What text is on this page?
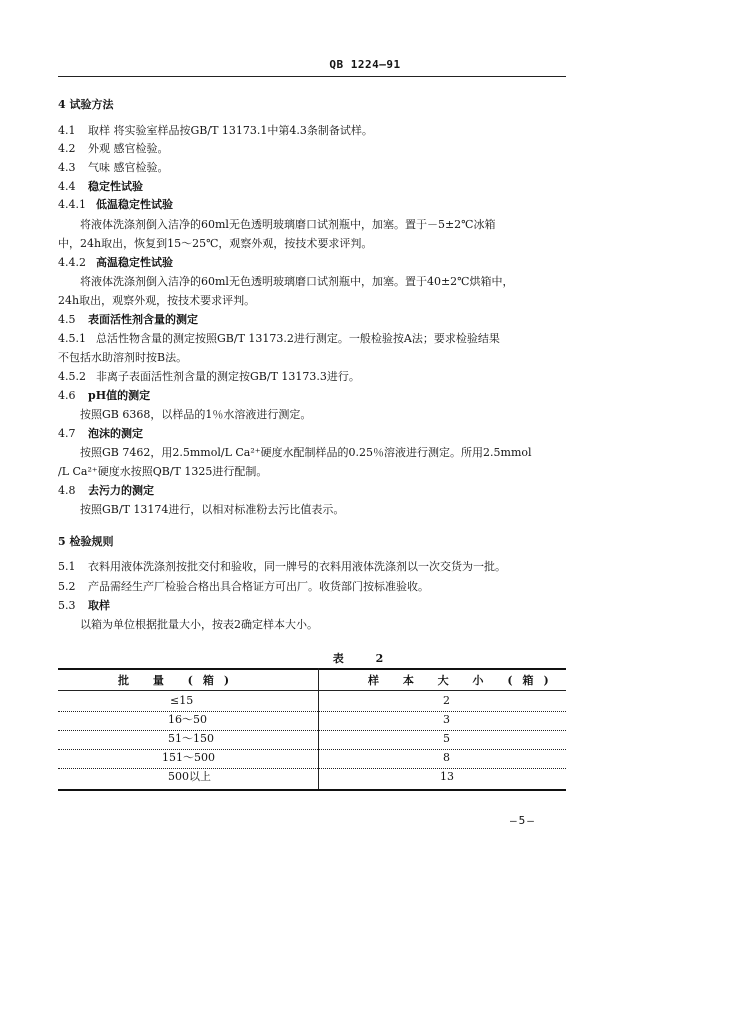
QB 1224—91
4 试验方法
4.1 取样 将实验室样品按GB/T 13173.1中第4.3条制备试样。
4.2 外观 感官检验。
4.3 气味 感官检验。
4.4 稳定性试验
4.4.1 低温稳定性试验
将液体洗涤剂倒入洁净的60ml无色透明玻璃磨口试剂瓶中，加塞。置于－5±2℃冰箱
中，24h取出，恢复到15～25℃，观察外观，按技术要求评判。
4.4.2 高温稳定性试验
将液体洗涤剂倒入洁净的60ml无色透明玻璃磨口试剂瓶中，加塞。置于40±2℃烘箱中，
24h取出，观察外观，按技术要求评判。
4.5 表面活性剂含量的测定
4.5.1 总活性物含量的测定按照GB/T 13173.2进行测定。一般检验按A法；要求检验结果
不包括水助溶剂时按B法。
4.5.2 非离子表面活性剂含量的测定按GB/T 13173.3进行。
4.6 pH值的测定
按照GB 6368，以样品的1％水溶液进行测定。
4.7 泡沫的测定
按照GB 7462，用2.5mmol/L Ca²⁺硬度水配制样品的0.25％溶液进行测定。所用2.5mmol
/L Ca²⁺硬度水按照QB/T 1325进行配制。
4.8 去污力的测定
按照GB/T 13174进行，以相对标准粉去污比值表示。
5 检验规则
5.1 衣料用液体洗涤剂按批交付和验收，同一牌号的衣料用液体洗涤剂以一次交货为一批。
5.2 产品需经生产厂检验合格出具合格证方可出厂。收货部门按标准验收。
5.3 取样
以箱为单位根据批量大小，按表2确定样本大小。
表 2
批 量 (箱)	样 本 大 小 (箱)
≤15	2
16～50	3
51～150	5
151～500	8
500以上	13
—5—
